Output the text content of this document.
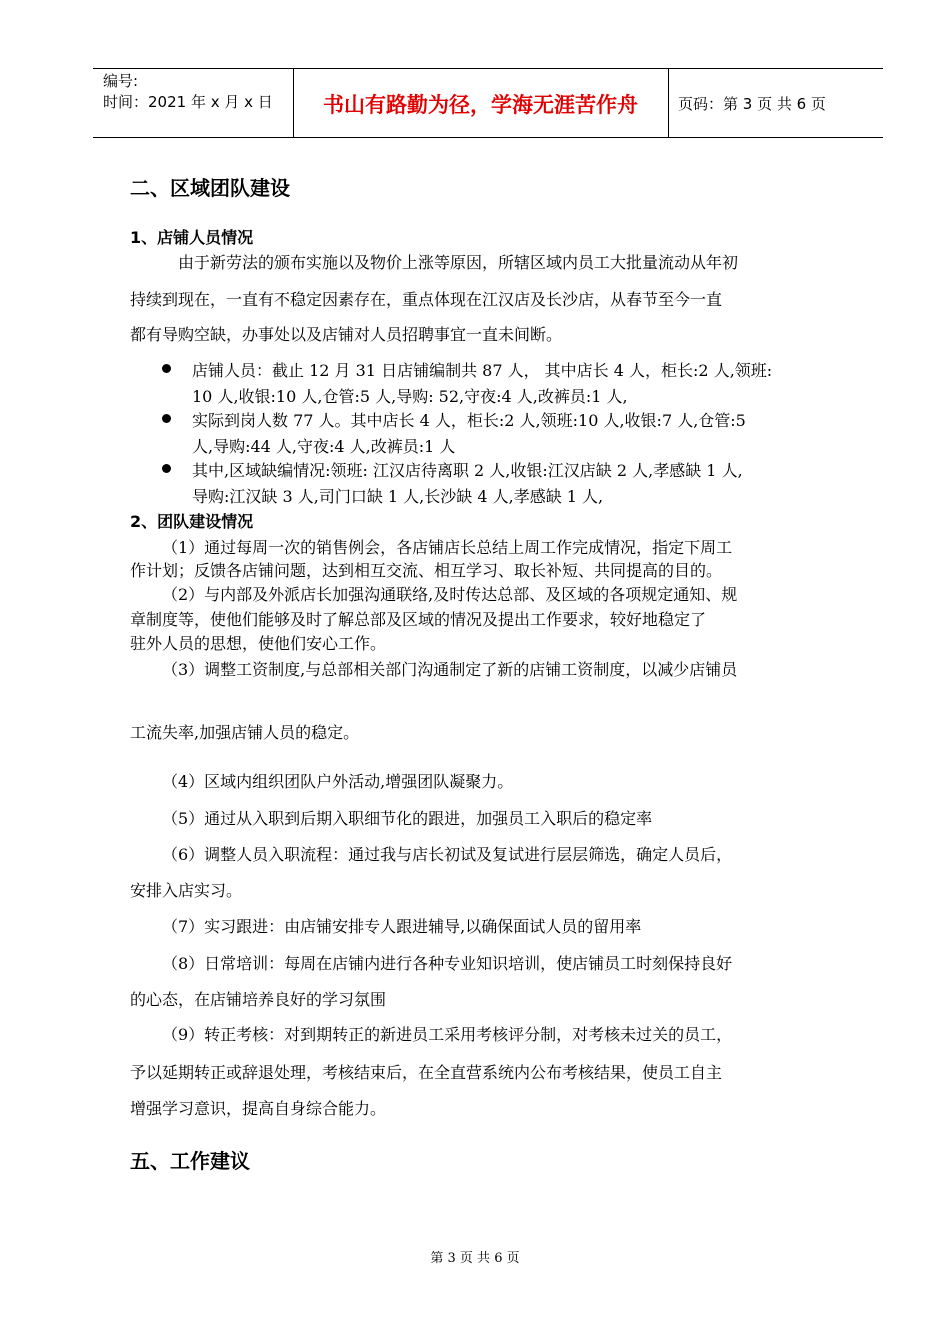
编号:
时间：2021 年 x 月 x 日	书山有路勤为径，学海无涯苦作舟	页码：第 3 页 共 6 页
二、区域团队建设
1、店铺人员情况
由于新劳法的颁布实施以及物价上涨等原因，所辖区域内员工大批量流动从年初
持续到现在，一直有不稳定因素存在，重点体现在江汉店及长沙店，从春节至今一直
都有导购空缺，办事处以及店铺对人员招聘事宜一直未间断。
店铺人员：截止 12 月 31 日店铺编制共 87 人， 其中店长 4 人，柜长:2 人,领班:
10 人,收银:10 人,仓管:5 人,导购: 52,守夜:4 人,改裤员:1 人,
实际到岗人数 77 人。其中店长 4 人，柜长:2 人,领班:10 人,收银:7 人,仓管:5
人,导购:44 人,守夜:4 人,改裤员:1 人
其中,区域缺编情况:领班: 江汉店待离职 2 人,收银:江汉店缺 2 人,孝感缺 1 人,
导购:江汉缺 3 人,司门口缺 1 人,长沙缺 4 人,孝感缺 1 人,
2、团队建设情况
（1）通过每周一次的销售例会，各店铺店长总结上周工作完成情况，指定下周工
作计划；反馈各店铺问题，达到相互交流、相互学习、取长补短、共同提高的目的。
（2）与内部及外派店长加强沟通联络,及时传达总部、及区域的各项规定通知、规
章制度等，使他们能够及时了解总部及区域的情况及提出工作要求，较好地稳定了
驻外人员的思想，使他们安心工作。
（3）调整工资制度,与总部相关部门沟通制定了新的店铺工资制度，以减少店铺员
工流失率,加强店铺人员的稳定。
（4）区域内组织团队户外活动,增强团队凝聚力。
（5）通过从入职到后期入职细节化的跟进，加强员工入职后的稳定率
（6）调整人员入职流程：通过我与店长初试及复试进行层层筛选，确定人员后，
安排入店实习。
（7）实习跟进：由店铺安排专人跟进辅导,以确保面试人员的留用率
（8）日常培训：每周在店铺内进行各种专业知识培训，使店铺员工时刻保持良好
的心态，在店铺培养良好的学习氛围
（9）转正考核：对到期转正的新进员工采用考核评分制，对考核未过关的员工，
予以延期转正或辞退处理，考核结束后，在全直营系统内公布考核结果，使员工自主
增强学习意识，提高自身综合能力。
五、工作建议
第 3 页 共 6 页
